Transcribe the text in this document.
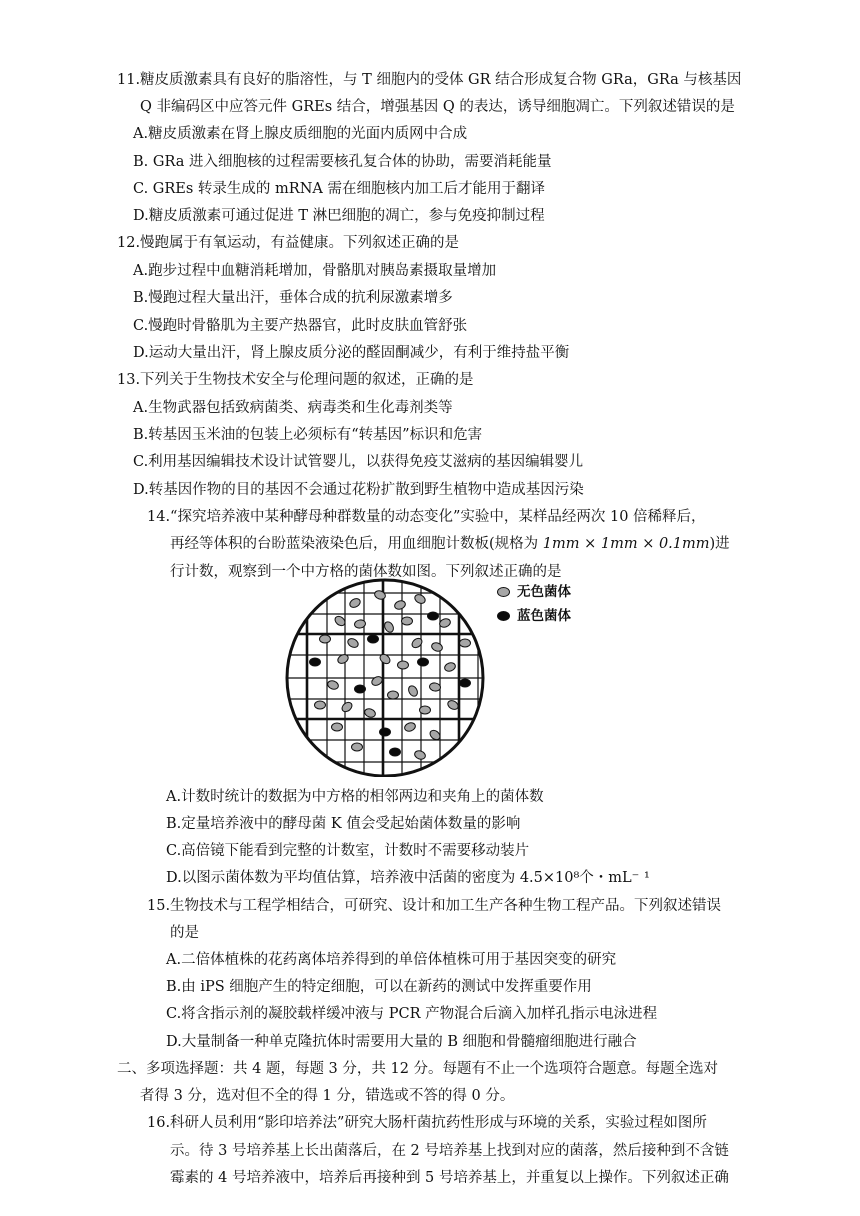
11.糖皮质激素具有良好的脂溶性，与 T 细胞内的受体 GR 结合形成复合物 GRa，GRa 与核基因
Q 非编码区中应答元件 GREs 结合，增强基因 Q 的表达，诱导细胞凋亡。下列叙述错误的是
A.糖皮质激素在肾上腺皮质细胞的光面内质网中合成
B. GRa 进入细胞核的过程需要核孔复合体的协助，需要消耗能量
C. GREs 转录生成的 mRNA 需在细胞核内加工后才能用于翻译
D.糖皮质激素可通过促进 T 淋巴细胞的凋亡，参与免疫抑制过程
12.慢跑属于有氧运动，有益健康。下列叙述正确的是
A.跑步过程中血糖消耗增加，骨骼肌对胰岛素摄取量增加
B.慢跑过程大量出汗，垂体合成的抗利尿激素增多
C.慢跑时骨骼肌为主要产热器官，此时皮肤血管舒张
D.运动大量出汗，肾上腺皮质分泌的醛固酮减少，有利于维持盐平衡
13.下列关于生物技术安全与伦理问题的叙述，正确的是
A.生物武器包括致病菌类、病毒类和生化毒剂类等
B.转基因玉米油的包装上必须标有“转基因”标识和危害
C.利用基因编辑技术设计试管婴儿，以获得免疫艾滋病的基因编辑婴儿
D.转基因作物的目的基因不会通过花粉扩散到野生植物中造成基因污染
14.“探究培养液中某种酵母种群数量的动态变化”实验中，某样品经两次 10 倍稀释后，
再经等体积的台盼蓝染液染色后，用血细胞计数板(规格为 1mm × 1mm × 0.1mm)进
行计数，观察到一个中方格的菌体数如图。下列叙述正确的是
无色菌体
蓝色菌体
A.计数时统计的数据为中方格的相邻两边和夹角上的菌体数
B.定量培养液中的酵母菌 K 值会受起始菌体数量的影响
C.高倍镜下能看到完整的计数室，计数时不需要移动装片
D.以图示菌体数为平均值估算，培养液中活菌的密度为 4.5×10⁸个・mL⁻ ¹
15.生物技术与工程学相结合，可研究、设计和加工生产各种生物工程产品。下列叙述错误
的是
A.二倍体植株的花药离体培养得到的单倍体植株可用于基因突变的研究
B.由 iPS 细胞产生的特定细胞，可以在新药的测试中发挥重要作用
C.将含指示剂的凝胶载样缓冲液与 PCR 产物混合后滴入加样孔指示电泳进程
D.大量制备一种单克隆抗体时需要用大量的 B 细胞和骨髓瘤细胞进行融合
二、多项选择题：共 4 题，每题 3 分，共 12 分。每题有不止一个选项符合题意。每题全选对
者得 3 分，选对但不全的得 1 分，错选或不答的得 0 分。
16.科研人员利用“影印培养法”研究大肠杆菌抗药性形成与环境的关系，实验过程如图所
示。待 3 号培养基上长出菌落后，在 2 号培养基上找到对应的菌落，然后接种到不含链
霉素的 4 号培养液中，培养后再接种到 5 号培养基上，并重复以上操作。下列叙述正确
